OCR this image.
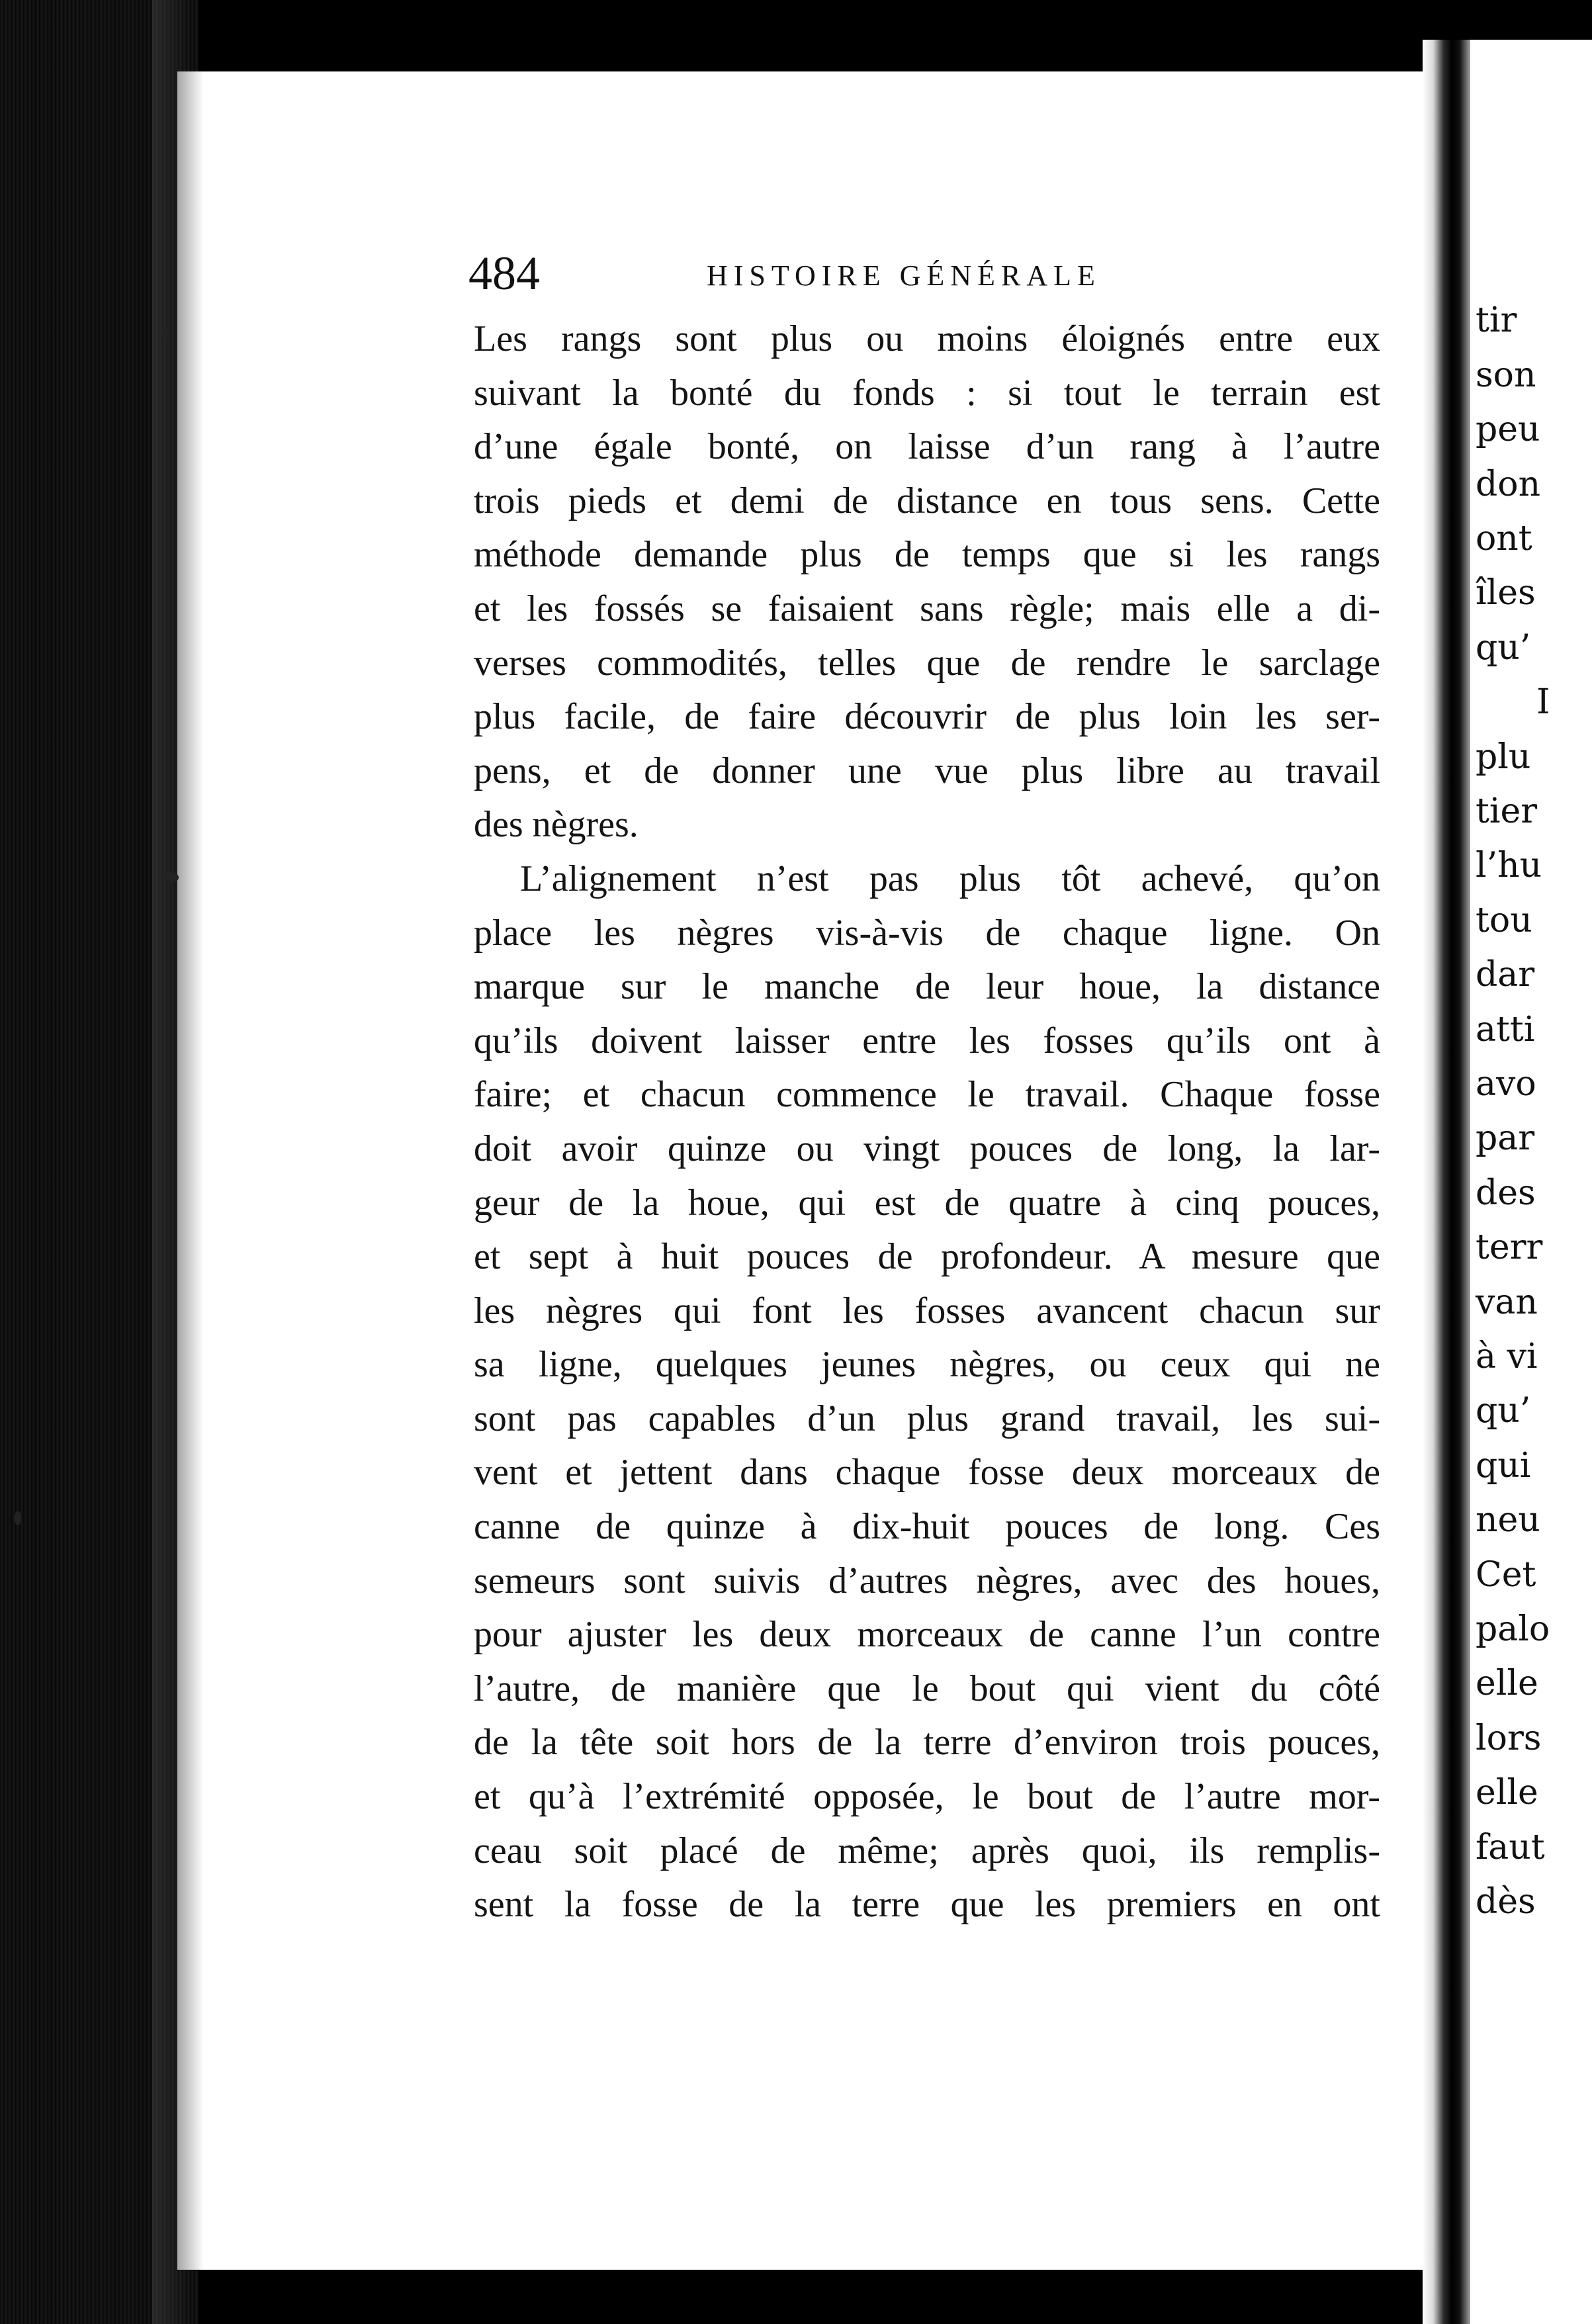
484	HISTOIRE GÉNÉRALE
Les rangs sont plus ou moins éloignés entre eux
suivant la bonté du fonds : si tout le terrain est
d’une égale bonté, on laisse d’un rang à l’autre
trois pieds et demi de distance en tous sens. Cette
méthode demande plus de temps que si les rangs
et les fossés se faisaient sans règle; mais elle a di-
verses commodités, telles que de rendre le sarclage
plus facile, de faire découvrir de plus loin les ser-
pens, et de donner une vue plus libre au travail
des nègres.
L’alignement n’est pas plus tôt achevé, qu’on
place les nègres vis-à-vis de chaque ligne. On
marque sur le manche de leur houe, la distance
qu’ils doivent laisser entre les fosses qu’ils ont à
faire; et chacun commence le travail. Chaque fosse
doit avoir quinze ou vingt pouces de long, la lar-
geur de la houe, qui est de quatre à cinq pouces,
et sept à huit pouces de profondeur. A mesure que
les nègres qui font les fosses avancent chacun sur
sa ligne, quelques jeunes nègres, ou ceux qui ne
sont pas capables d’un plus grand travail, les sui-
vent et jettent dans chaque fosse deux morceaux de
canne de quinze à dix-huit pouces de long. Ces
semeurs sont suivis d’autres nègres, avec des houes,
pour ajuster les deux morceaux de canne l’un contre
l’autre, de manière que le bout qui vient du côté
de la tête soit hors de la terre d’environ trois pouces,
et qu’à l’extrémité opposée, le bout de l’autre mor-
ceau soit placé de même; après quoi, ils remplis-
sent la fosse de la terre que les premiers en ont
tir
son
peu
don
ont
îles
qu’
I
plu
tier
l’hu
tou
dar
atti
avo
par
des
terr
van
à vi
qu’
qui
neu
Cet
palo
elle
lors
elle
faut
dès
